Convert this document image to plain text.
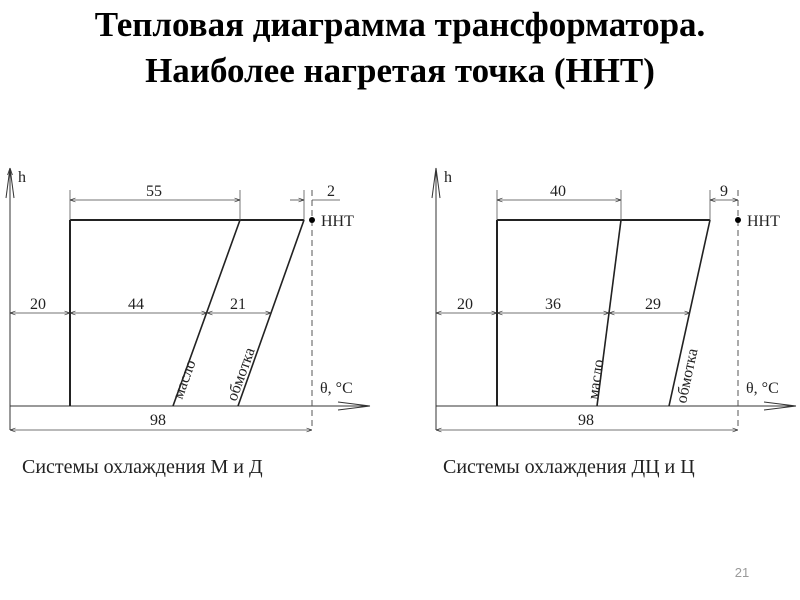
Тепловая диаграмма трансформатора.
Наиболее нагретая точка (ННТ)
h
θ, °С
ННТ
55	2
20	44	21
98
масло обмотка
Системы охлаждения М и Д
h
θ, °С
ННТ
40	9
20	36	29
98
масло	обмотка
Системы охлаждения ДЦ и Ц
21
